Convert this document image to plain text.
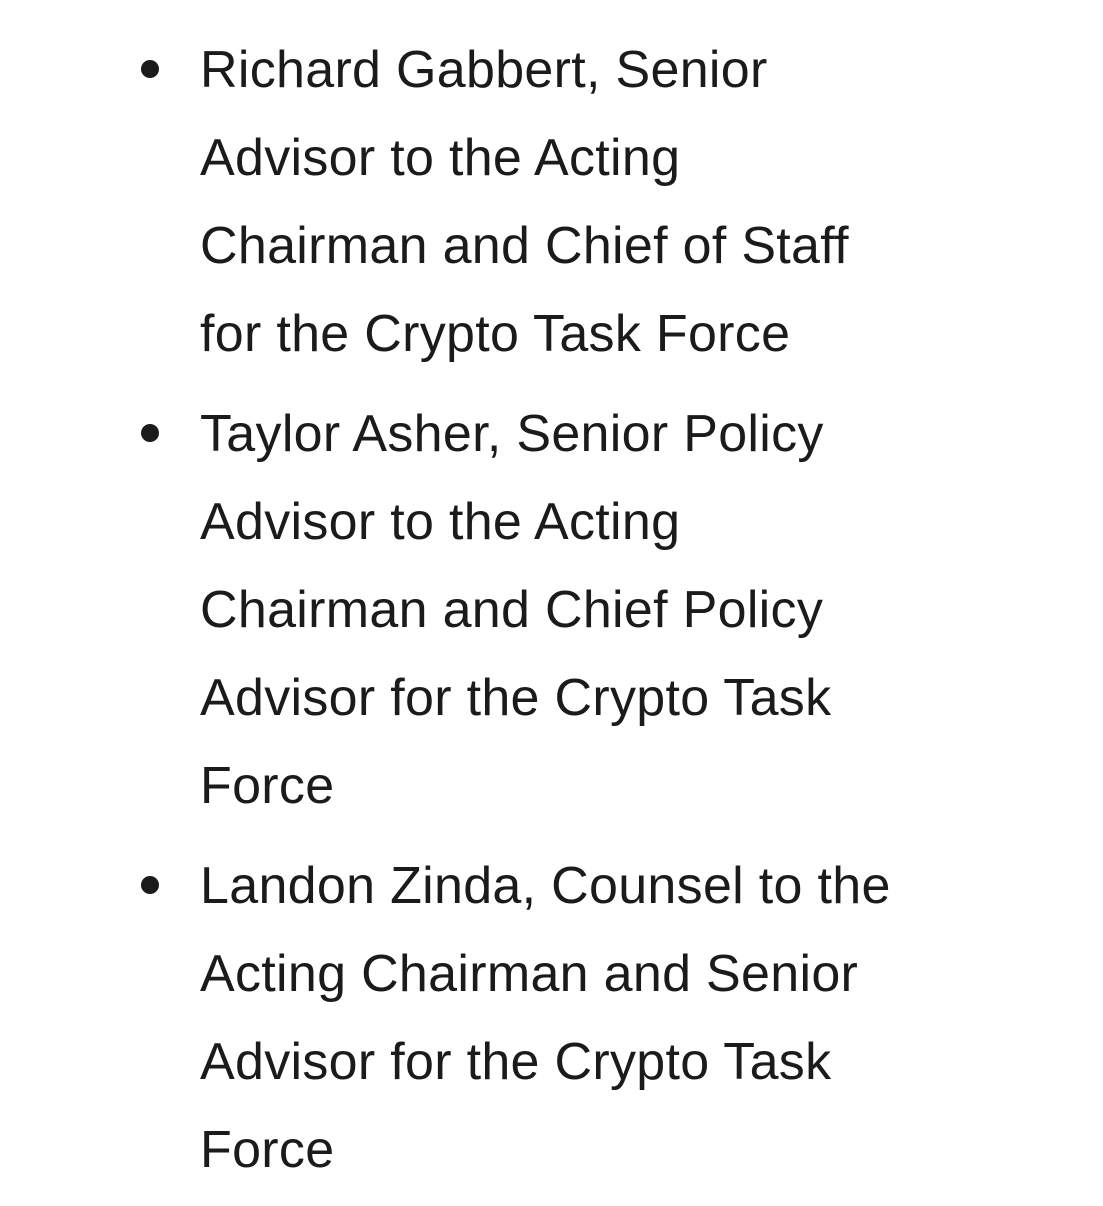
Richard Gabbert, Senior
Advisor to the Acting
Chairman and Chief of Staff
for the Crypto Task Force
Taylor Asher, Senior Policy
Advisor to the Acting
Chairman and Chief Policy
Advisor for the Crypto Task
Force
Landon Zinda, Counsel to the
Acting Chairman and Senior
Advisor for the Crypto Task
Force
